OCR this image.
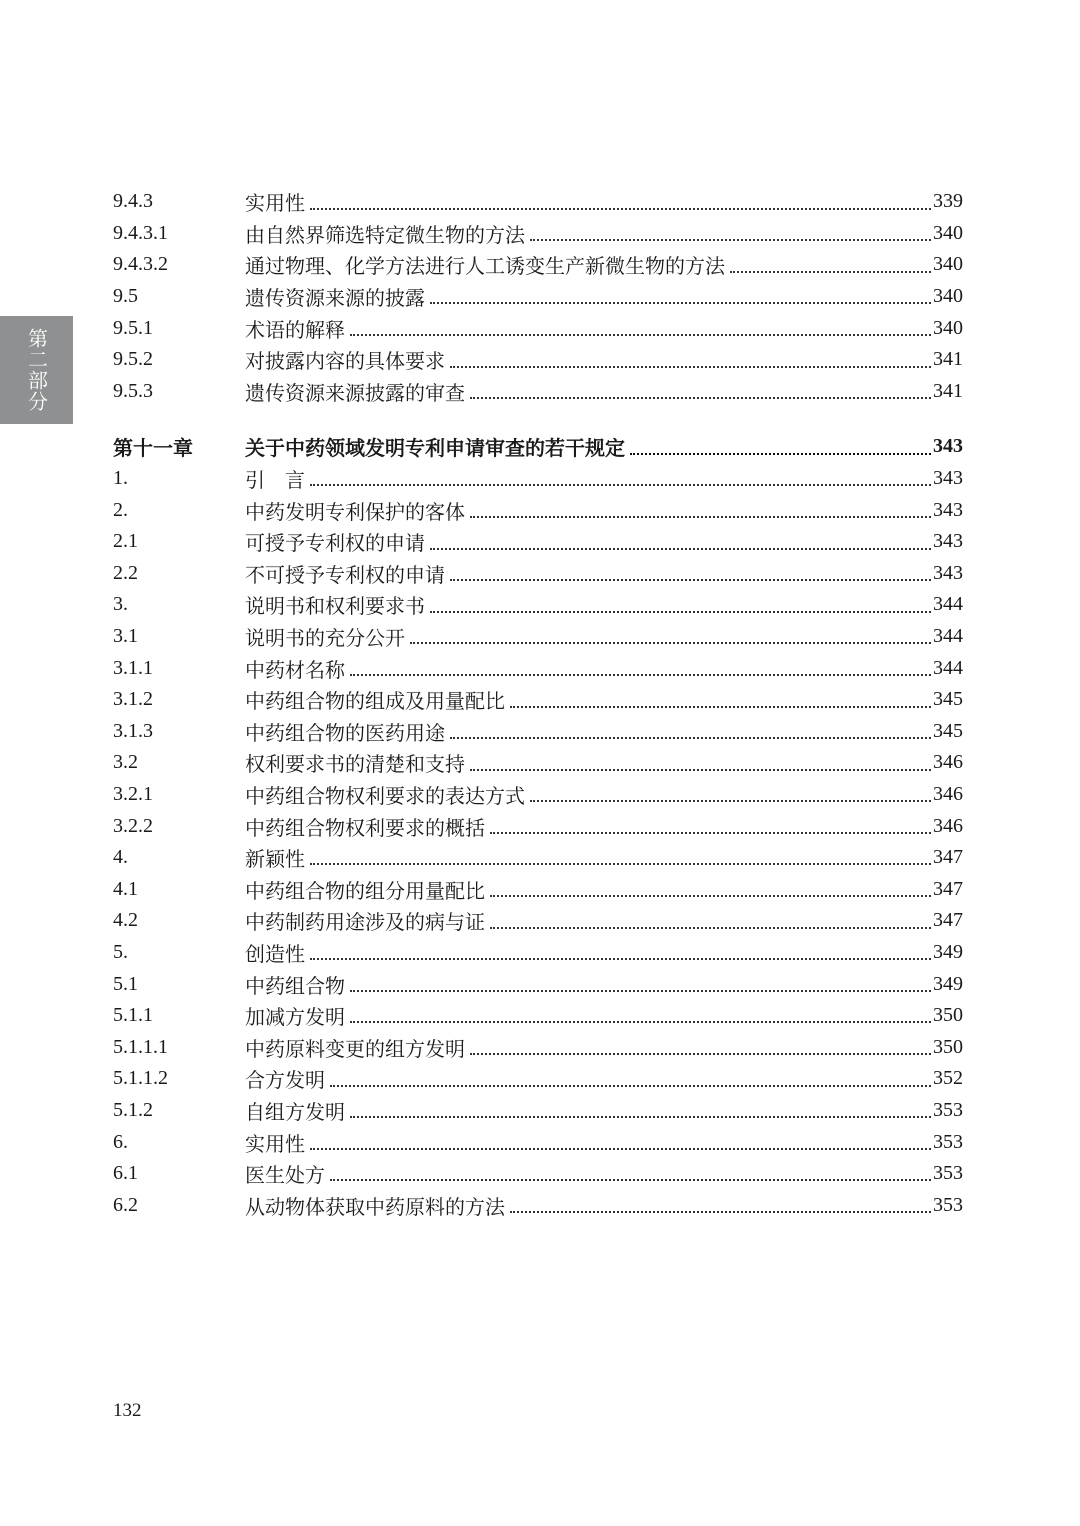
第二部分
9.4.3	实用性	339
9.4.3.1	由自然界筛选特定微生物的方法	340
9.4.3.2	通过物理、化学方法进行人工诱变生产新微生物的方法	340
9.5	遗传资源来源的披露	340
9.5.1	术语的解释	340
9.5.2	对披露内容的具体要求	341
9.5.3	遗传资源来源披露的审查	341
第十一章	关于中药领域发明专利申请审查的若干规定	343
1.	引　言	343
2.	中药发明专利保护的客体	343
2.1	可授予专利权的申请	343
2.2	不可授予专利权的申请	343
3.	说明书和权利要求书	344
3.1	说明书的充分公开	344
3.1.1	中药材名称	344
3.1.2	中药组合物的组成及用量配比	345
3.1.3	中药组合物的医药用途	345
3.2	权利要求书的清楚和支持	346
3.2.1	中药组合物权利要求的表达方式	346
3.2.2	中药组合物权利要求的概括	346
4.	新颖性	347
4.1	中药组合物的组分用量配比	347
4.2	中药制药用途涉及的病与证	347
5.	创造性	349
5.1	中药组合物	349
5.1.1	加减方发明	350
5.1.1.1	中药原料变更的组方发明	350
5.1.1.2	合方发明	352
5.1.2	自组方发明	353
6.	实用性	353
6.1	医生处方	353
6.2	从动物体获取中药原料的方法	353
132
